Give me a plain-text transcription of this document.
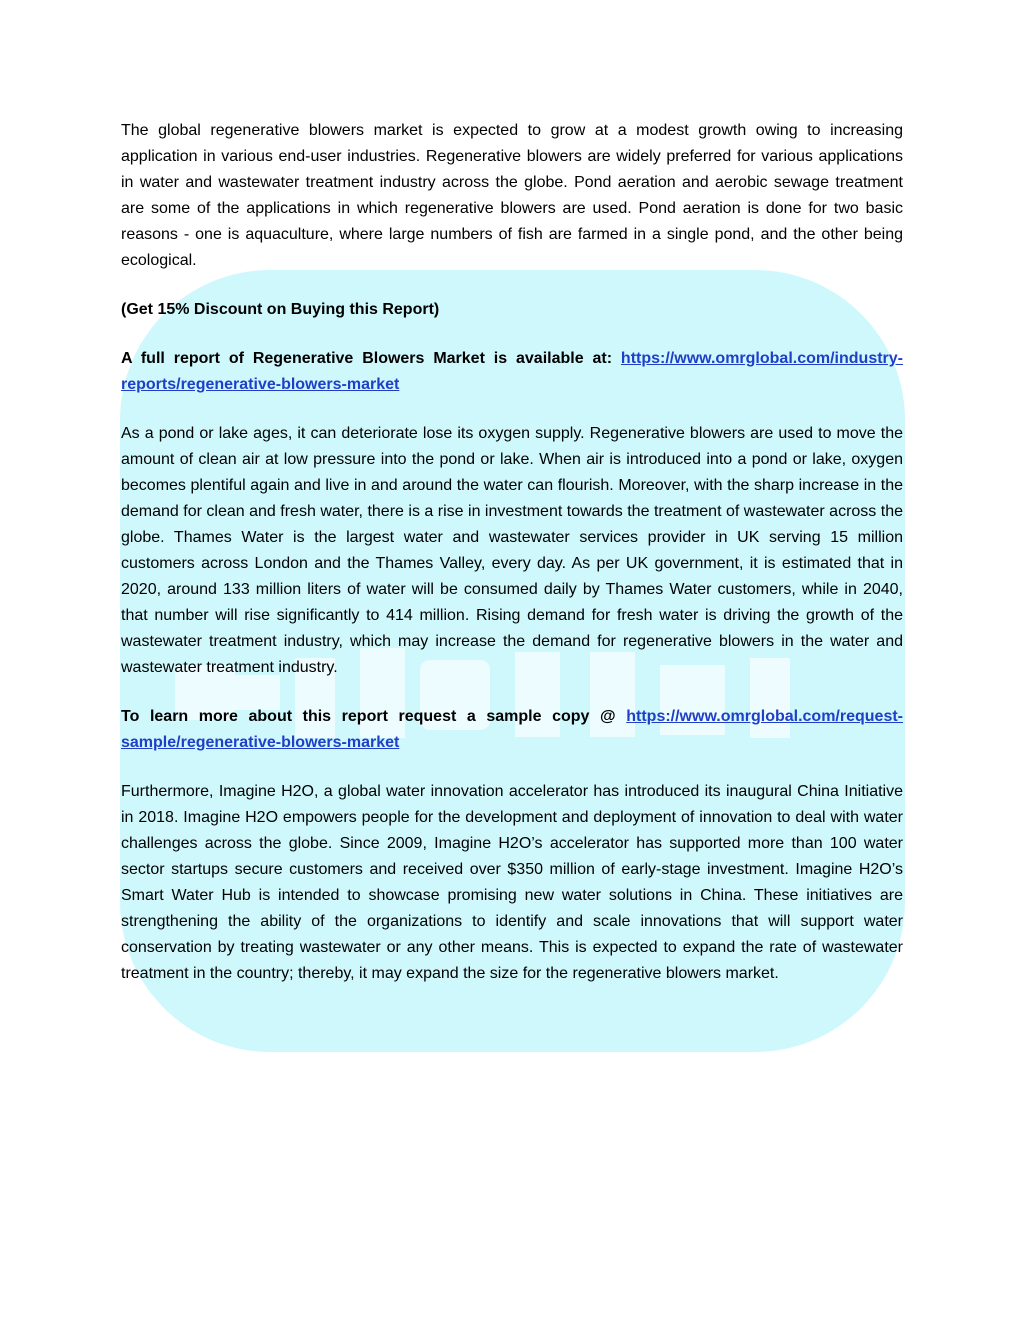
The global regenerative blowers market is expected to grow at a modest growth owing to increasing application in various end-user industries. Regenerative blowers are widely preferred for various applications in water and wastewater treatment industry across the globe. Pond aeration and aerobic sewage treatment are some of the applications in which regenerative blowers are used. Pond aeration is done for two basic reasons - one is aquaculture, where large numbers of fish are farmed in a single pond, and the other being ecological.

(Get 15% Discount on Buying this Report)

A full report of Regenerative Blowers Market is available at: https://www.omrglobal.com/industry-reports/regenerative-blowers-market

As a pond or lake ages, it can deteriorate lose its oxygen supply. Regenerative blowers are used to move the amount of clean air at low pressure into the pond or lake. When air is introduced into a pond or lake, oxygen becomes plentiful again and live in and around the water can flourish. Moreover, with the sharp increase in the demand for clean and fresh water, there is a rise in investment towards the treatment of wastewater across the globe. Thames Water is the largest water and wastewater services provider in UK serving 15 million customers across London and the Thames Valley, every day. As per UK government, it is estimated that in 2020, around 133 million liters of water will be consumed daily by Thames Water customers, while in 2040, that number will rise significantly to 414 million. Rising demand for fresh water is driving the growth of the wastewater treatment industry, which may increase the demand for regenerative blowers in the water and wastewater treatment industry.

To learn more about this report request a sample copy @ https://www.omrglobal.com/request-sample/regenerative-blowers-market

Furthermore, Imagine H2O, a global water innovation accelerator has introduced its inaugural China Initiative in 2018. Imagine H2O empowers people for the development and deployment of innovation to deal with water challenges across the globe. Since 2009, Imagine H2O’s accelerator has supported more than 100 water sector startups secure customers and received over $350 million of early-stage investment. Imagine H2O’s Smart Water Hub is intended to showcase promising new water solutions in China. These initiatives are strengthening the ability of the organizations to identify and scale innovations that will support water conservation by treating wastewater or any other means. This is expected to expand the rate of wastewater treatment in the country; thereby, it may expand the size for the regenerative blowers market.
